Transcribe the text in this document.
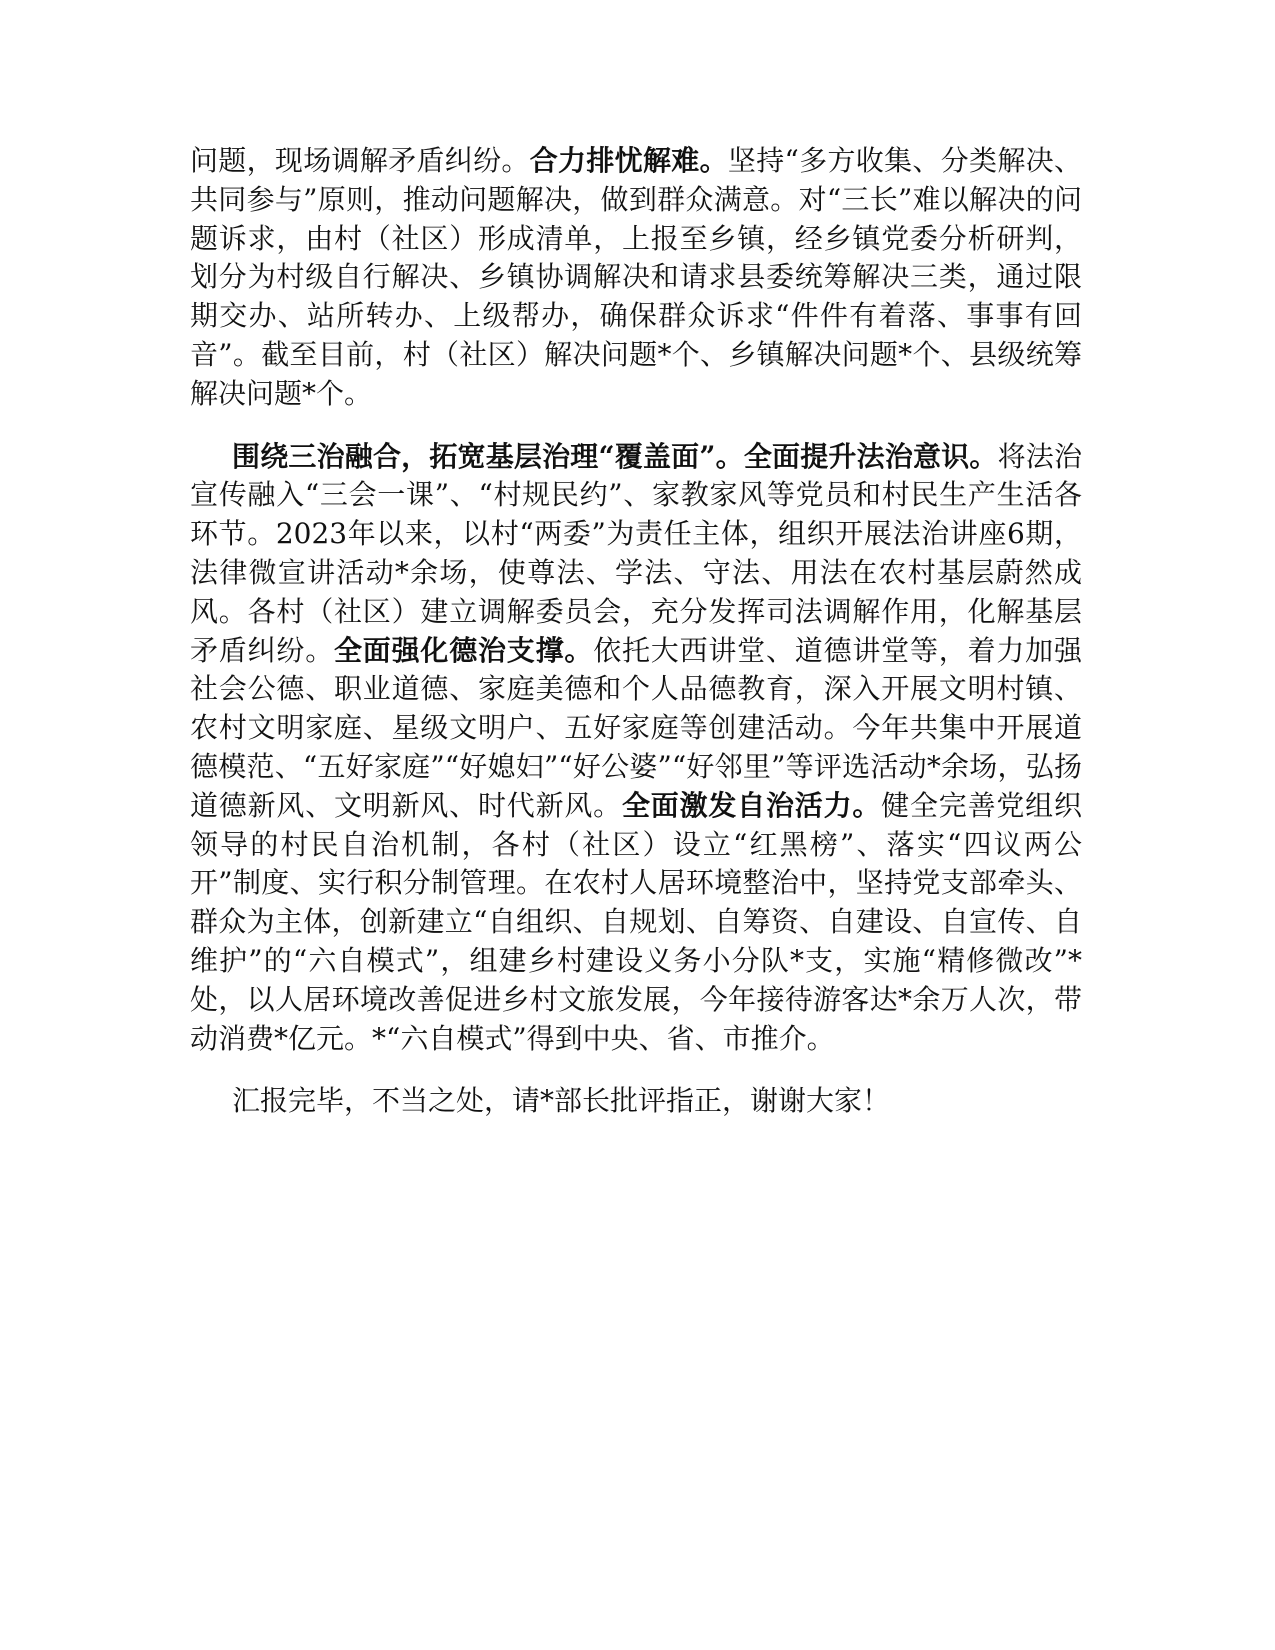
问题，现场调解矛盾纠纷。合力排忧解难。坚持“多方收集、分类解决、共同参与”原则，推动问题解决，做到群众满意。对“三长”难以解决的问题诉求，由村（社区）形成清单，上报至乡镇，经乡镇党委分析研判，划分为村级自行解决、乡镇协调解决和请求县委统筹解决三类，通过限期交办、站所转办、上级帮办，确保群众诉求“件件有着落、事事有回音”。截至目前，村（社区）解决问题*个、乡镇解决问题*个、县级统筹解决问题*个。

围绕三治融合，拓宽基层治理“覆盖面”。全面提升法治意识。将法治宣传融入“三会一课”、“村规民约”、家教家风等党员和村民生产生活各环节。2023年以来，以村“两委”为责任主体，组织开展法治讲座6期，法律微宣讲活动*余场，使尊法、学法、守法、用法在农村基层蔚然成风。各村（社区）建立调解委员会，充分发挥司法调解作用，化解基层矛盾纠纷。全面强化德治支撑。依托大西讲堂、道德讲堂等，着力加强社会公德、职业道德、家庭美德和个人品德教育，深入开展文明村镇、农村文明家庭、星级文明户、五好家庭等创建活动。今年共集中开展道德模范、“五好家庭”“好媳妇”“好公婆”“好邻里”等评选活动*余场，弘扬道德新风、文明新风、时代新风。全面激发自治活力。健全完善党组织领导的村民自治机制，各村（社区）设立“红黑榜”、落实“四议两公开”制度、实行积分制管理。在农村人居环境整治中，坚持党支部牵头、群众为主体，创新建立“自组织、自规划、自筹资、自建设、自宣传、自维护”的“六自模式”，组建乡村建设义务小分队*支，实施“精修微改”*处，以人居环境改善促进乡村文旅发展，今年接待游客达*余万人次，带动消费*亿元。*“六自模式”得到中央、省、市推介。

汇报完毕，不当之处，请*部长批评指正，谢谢大家！
